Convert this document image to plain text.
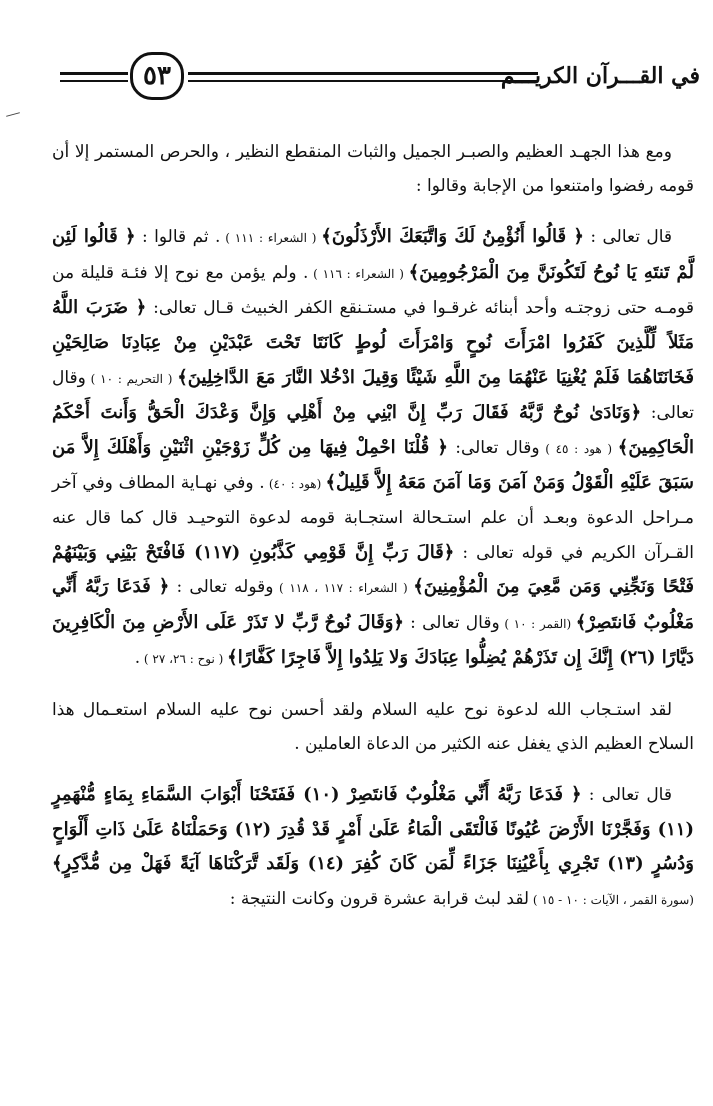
٥٣	في القـــرآن الكريـــم

ومع هذا الجهـد العظيم والصبـر الجميل والثبات المنقطع النظير ، والحرص المستمر إلا أن قومه رفضوا وامتنعوا من الإجابة وقالوا :

قال تعالى : ﴿ قَالُوا أَنُؤْمِنُ لَكَ وَاتَّبَعَكَ الأَرْذَلُونَ﴾ ( الشعراء : ١١١ ) . ثم قالوا : ﴿ قَالُوا لَئِن لَّمْ تَنتَهِ يَا نُوحُ لَتَكُونَنَّ مِنَ الْمَرْجُومِينَ﴾ ( الشعراء : ١١٦ ) . ولم يؤمن مع نوح إلا فئـة قليلة من قومـه حتى زوجتـه وأحد أبنائه غرقـوا في مستـنقع الكفر الخبيث قـال تعالى: ﴿ ضَرَبَ اللَّهُ مَثَلاً لِّلَّذِينَ كَفَرُوا امْرَأَتَ نُوحٍ وَامْرَأَتَ لُوطٍ كَانَتَا تَحْتَ عَبْدَيْنِ مِنْ عِبَادِنَا صَالِحَيْنِ فَخَانَتَاهُمَا فَلَمْ يُغْنِيَا عَنْهُمَا مِنَ اللَّهِ شَيْئًا وَقِيلَ ادْخُلا النَّارَ مَعَ الدَّاخِلِينَ﴾ ( التحريم : ١٠ ) وقال تعالى: ﴿وَنَادَىٰ نُوحٌ رَّبَّهُ فَقَالَ رَبِّ إِنَّ ابْنِي مِنْ أَهْلِي وَإِنَّ وَعْدَكَ الْحَقُّ وَأَنتَ أَحْكَمُ الْحَاكِمِينَ﴾ ( هود : ٤٥ ) وقال تعالى: ﴿ قُلْنَا احْمِلْ فِيهَا مِن كُلٍّ زَوْجَيْنِ اثْنَيْنِ وَأَهْلَكَ إِلاَّ مَن سَبَقَ عَلَيْهِ الْقَوْلُ وَمَنْ آمَنَ وَمَا آمَنَ مَعَهُ إِلاَّ قَلِيلٌ﴾ (هود : ٤٠) . وفي نهـاية المطاف وفي آخر مـراحل الدعوة وبعـد أن علم استـحالة استجـابة قومه لدعوة التوحيـد قال كما قال عنه القـرآن الكريم في قوله تعالى : ﴿قَالَ رَبِّ إِنَّ قَوْمِي كَذَّبُونِ (١١٧) فَافْتَحْ بَيْنِي وَبَيْنَهُمْ فَتْحًا وَنَجِّنِي وَمَن مَّعِيَ مِنَ الْمُؤْمِنِينَ﴾ ( الشعراء : ١١٧ ، ١١٨ ) وقوله تعالى : ﴿ فَدَعَا رَبَّهُ أَنِّي مَغْلُوبٌ فَانتَصِرْ﴾ (القمر : ١٠ ) وقال تعالى : ﴿وَقَالَ نُوحٌ رَّبِّ لا تَذَرْ عَلَى الأَرْضِ مِنَ الْكَافِرِينَ دَيَّارًا (٢٦) إِنَّكَ إِن تَذَرْهُمْ يُضِلُّوا عِبَادَكَ وَلا يَلِدُوا إِلاَّ فَاجِرًا كَفَّارًا﴾ ( نوح : ٢٦، ٢٧ ) .

لقد استـجاب الله لدعوة نوح عليه السلام ولقد أحسن نوح عليه السلام استعـمال هذا السلاح العظيم الذي يغفل عنه الكثير من الدعاة العاملين .

قال تعالى : ﴿ فَدَعَا رَبَّهُ أَنِّي مَغْلُوبٌ فَانتَصِرْ (١٠) فَفَتَحْنَا أَبْوَابَ السَّمَاءِ بِمَاءٍ مُّنْهَمِرٍ (١١) وَفَجَّرْنَا الأَرْضَ عُيُونًا فَالْتَقَى الْمَاءُ عَلَىٰ أَمْرٍ قَدْ قُدِرَ (١٢) وَحَمَلْنَاهُ عَلَىٰ ذَاتِ أَلْوَاحٍ وَدُسُرٍ (١٣) تَجْرِي بِأَعْيُنِنَا جَزَاءً لِّمَن كَانَ كُفِرَ (١٤) وَلَقَد تَّرَكْنَاهَا آيَةً فَهَلْ مِن مُّدَّكِرٍ﴾ (سورة القمر ، الآيات : ١٠ - ١٥ ) لقد لبث قرابة عشرة قرون وكانت النتيجة :
